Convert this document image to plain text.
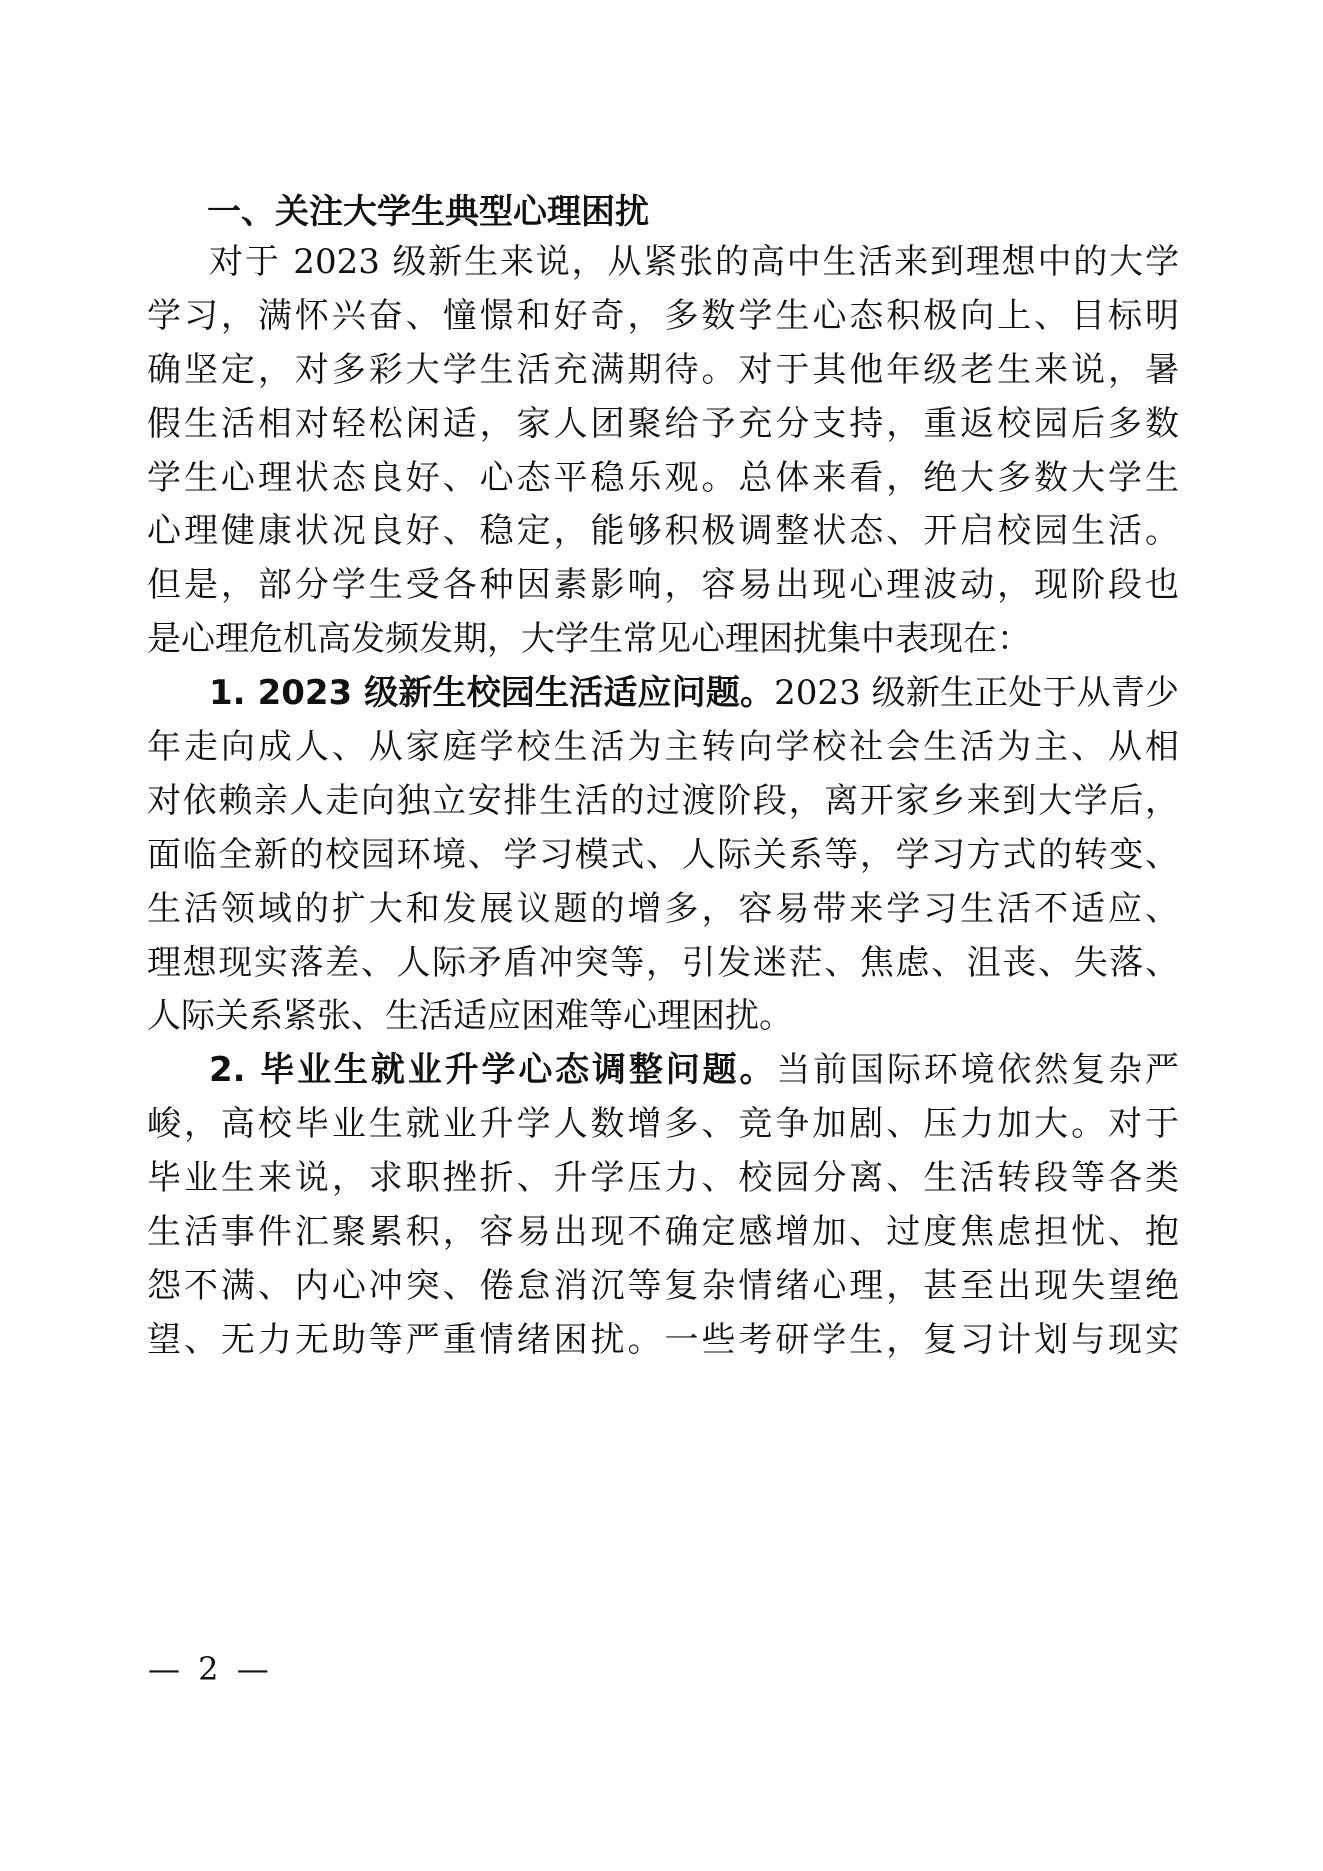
一、关注大学生典型心理困扰
对于 2023 级新生来说，从紧张的高中生活来到理想中的大学
学习，满怀兴奋、憧憬和好奇，多数学生心态积极向上、目标明
确坚定，对多彩大学生活充满期待。对于其他年级老生来说，暑
假生活相对轻松闲适，家人团聚给予充分支持，重返校园后多数
学生心理状态良好、心态平稳乐观。总体来看，绝大多数大学生
心理健康状况良好、稳定，能够积极调整状态、开启校园生活。
但是，部分学生受各种因素影响，容易出现心理波动，现阶段也
是心理危机高发频发期，大学生常见心理困扰集中表现在：
1. 2023 级新生校园生活适应问题。2023 级新生正处于从青少
年走向成人、从家庭学校生活为主转向学校社会生活为主、从相
对依赖亲人走向独立安排生活的过渡阶段，离开家乡来到大学后，
面临全新的校园环境、学习模式、人际关系等，学习方式的转变、
生活领域的扩大和发展议题的增多，容易带来学习生活不适应、
理想现实落差、人际矛盾冲突等，引发迷茫、焦虑、沮丧、失落、
人际关系紧张、生活适应困难等心理困扰。
2. 毕业生就业升学心态调整问题。当前国际环境依然复杂严
峻，高校毕业生就业升学人数增多、竞争加剧、压力加大。对于
毕业生来说，求职挫折、升学压力、校园分离、生活转段等各类
生活事件汇聚累积，容易出现不确定感增加、过度焦虑担忧、抱
怨不满、内心冲突、倦怠消沉等复杂情绪心理，甚至出现失望绝
望、无力无助等严重情绪困扰。一些考研学生，复习计划与现实
— 2 —
